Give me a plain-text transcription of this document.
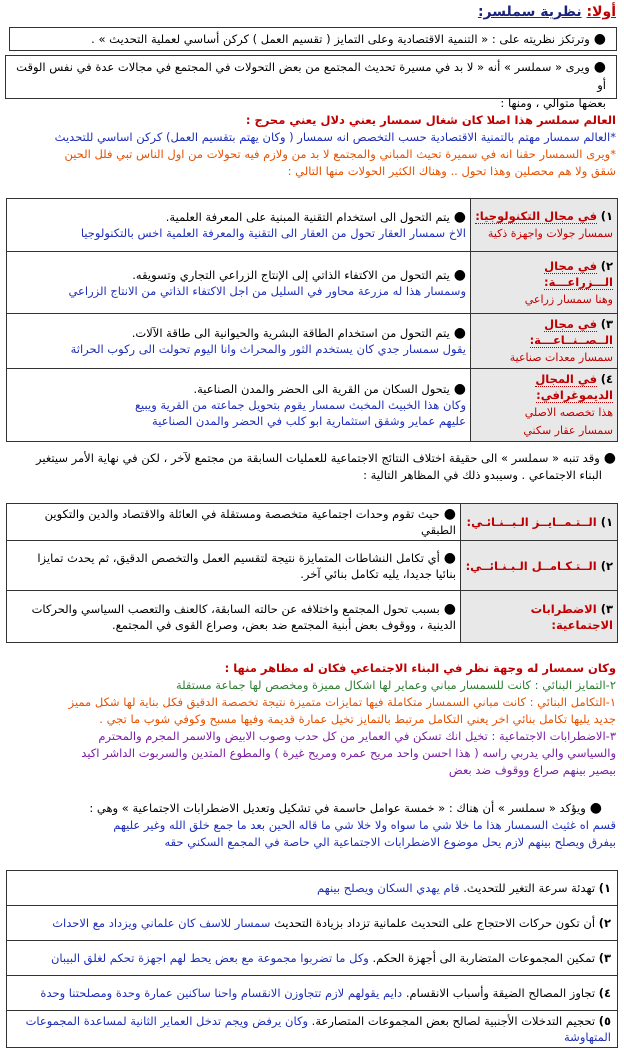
أولا: نظرية سملسر:
●وترتكز نظريته على : « التنمية الاقتصادية وعلى التمايز ( تقسيم العمل ) كركن أساسي لعملية التحديث » .
●ويرى « سملسر » أنه « لا بد في مسيرة تحديث المجتمع من بعض التحولات في المجتمع في مجالات عدة في نفس الوقت أو
بعضها متوالي ، ومنها :
العالم سملسر هذا اصلا كان شغال سمسار يعني دلال يعني محرج :
*العالم سمسار مهتم بالتمنية الاقتصادية حسب التخصص انه سمسار ( وكان يهتم بتقسيم العمل) كركن اساسي للتحديث
*ويرى السمسار حقنا انه في سميرة تحيث المباني والمجتمع لا بد من ولازم فيه تحولات من اول الناس تبي فلل الحين
شقق ولا هم محصلين وهذا تحول .. وهناك الكثير الحولات منها التالي :
١) في مجال التكنولوجيا:
سمسار جولات واجهزة ذكية	●يتم التحول الى استخدام التقنية المبنية على المعرفة العلمية.
الاخ سمسار العقار تحول من العقار الى التقنية والمعرفة العلمية اخس بالتكنولوجيا
٢) في مجال الـــزراعـــة:
وهنا سمسار زراعي	●يتم التحول من الاكتفاء الذاتي إلى الإنتاج الزراعي التجاري وتسويقه.
وسمسار هذا له مزرعة محاور في السليل من اجل الاكتفاء الذاتي من الانتاج الزراعي
٣) في مجال الــصــنــاعـــة:
سمسار معدات صناعية	●يتم التحول من استخدام الطاقة البشرية والحيوانية الى طاقة الآلات.
يقول سمسار جدي كان يستخدم الثور والمحراث وانا اليوم تحولت الى ركوب الحراثة
٤) في المجال الديموغرافي:
هذا تخصصه الاصلي
سمسار عقار سكني	●يتحول السكان من القرية الى الحضر والمدن الصناعية.
وكان هذا الخبيث المخبث سمسار يقوم بتحويل جماعته من القرية ويبيع
عليهم عماير وشقق استثمارية ابو كلب في الحضر والمدن الصناعية
●وقد تنبه « سملسر » الى حقيقة اختلاف النتائج الاجتماعية للعمليات السابقة من مجتمع لآخر ، لكن في نهاية الأمر سيتغير
البناء الاجتماعي . وسيبدو ذلك في المظاهر التالية :
١) الــتـمــايــز الـبــنـائـي:	●حيث تقوم وحدات اجتماعية متخصصة ومستقلة في العائلة والاقتصاد والدين والتكوين الطبقي
٢) الــتـكـامــل الـبـنـائــي:	●أي تكامل النشاطات المتمايزة نتيجة لتقسيم العمل والتخصص الدقيق، ثم يحدث تمايزا
بنائيا جديدا، يليه تكامل بنائي آخر.
٣) الاضطرابات الاجتماعية:	●بسبب تحول المجتمع واختلافه عن حالته السابقة، كالعنف والتعصب السياسي والحركات
الدينية ، ووقوف بعض أبنية المجتمع ضد بعض، وصراع القوى في المجتمع.
وكان سمسار له وجهة نظر في البناء الاجتماعي فكان له مظاهر منها :
٢-التمايز البنائي : كانت للسمسار مباني وعماير لها اشكال مميزة ومخصص لها جماعة مستقلة
١-التكامل البنائي : كانت مباني السمسار متكاملة فيها تمايزات متميزة نتيجة تخصصة الدقيق فكل بناية لها شكل مميز
جديد يليها تكامل بنائي اخر يعني التكامل مرتبط بالتمايز تخيل عمارة قديمة وفيها مسبح وكوفي شوب ما تجي .
٣-الاضطرابات الاجتماعية : تخيل انك تسكن في العماير من كل حدب وصوب الابيض والاسمر المجرم والمحترم
والسياسي والي يدربي راسه ( هذا احسن واحد مريح عمره ومريح غيرة ) والمطوع المتدين والسربوت الداشر اكيد
بيصير بينهم صراع ووقوف ضد بعض
●ويؤكد « سملسر » أن هناك : « خمسة عوامل حاسمة في تشكيل وتعديل الاضطرابات الاجتماعية » وهي :
قسم اه غثيث السمسار هذا ما خلا شي ما سواه ولا خلا شي ما قاله الحين بعد ما جمع خلق الله وغير عليهم
بيفرق ويصلح بينهم لازم يحل موضوع الاضطرابات الاجتماعية الي حاصة في المجمع السكني حقه
١) تهدئة سرعة التغير للتحديث. قام يهدي السكان ويصلح بينهم
٢) أن تكون حركات الاحتجاج على التحديث علمانية تزداد بزيادة التحديث سمسار للاسف كان علماني ويزداد مع الاحداث
٣) تمكين المجموعات المتضاربة الى أجهزة الحكم. وكل ما تضربوا مجموعة مع بعض يحط لهم اجهزة تحكم لغلق البيبان
٤) تجاوز المصالح الضيقة وأسباب الانقسام. دايم يقولهم لازم تتجاوزن الانقسام واحنا ساكنين عمارة وحدة ومصلحتنا وحدة
٥) تحجيم التدخلات الأجنبية لصالح بعض المجموعات المتصارعة. وكان يرفض ويجم تدخل العماير الثانية لمساعدة المجموعات المتهاوشة
